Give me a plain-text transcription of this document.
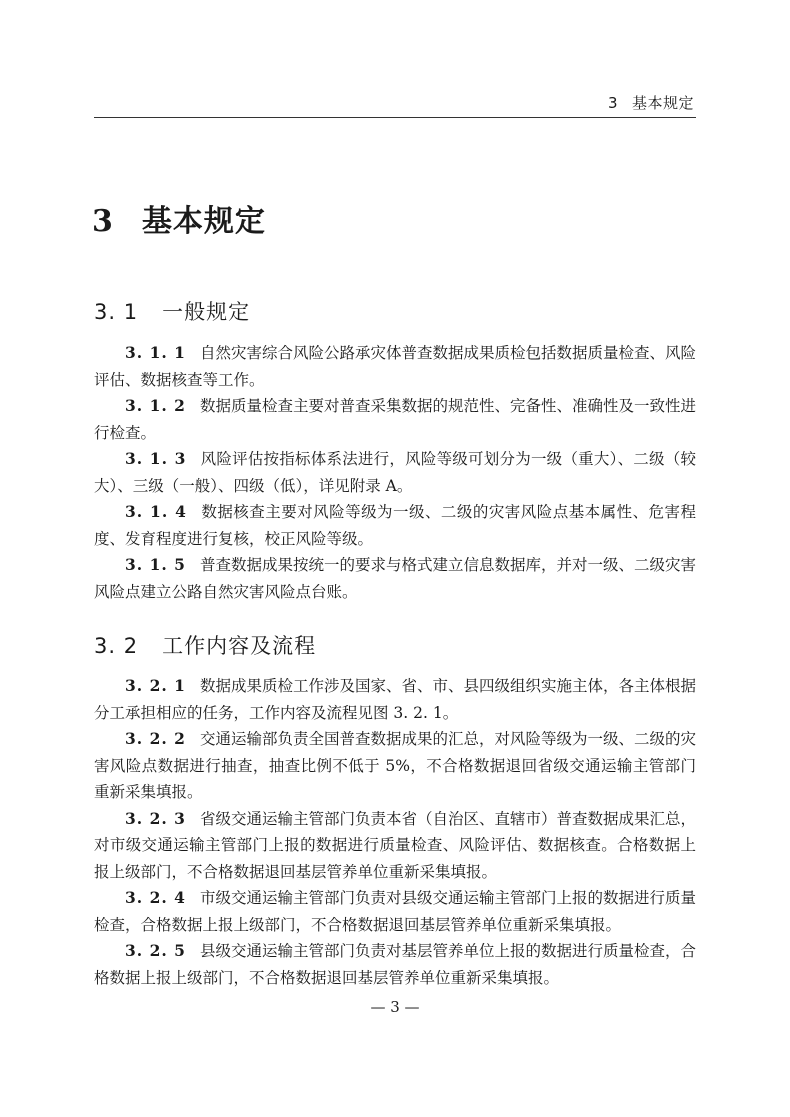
3 基本规定
3 基本规定
3. 1 一般规定

3. 1. 1 自然灾害综合风险公路承灾体普查数据成果质检包括数据质量检查、风险评估、数据核查等工作。

3. 1. 2 数据质量检查主要对普查采集数据的规范性、完备性、准确性及一致性进行检查。

3. 1. 3 风险评估按指标体系法进行，风险等级可划分为一级（重大）、二级（较大）、三级（一般）、四级（低），详见附录 A。

3. 1. 4 数据核查主要对风险等级为一级、二级的灾害风险点基本属性、危害程度、发育程度进行复核，校正风险等级。

3. 1. 5 普查数据成果按统一的要求与格式建立信息数据库，并对一级、二级灾害风险点建立公路自然灾害风险点台账。

3. 2 工作内容及流程

3. 2. 1 数据成果质检工作涉及国家、省、市、县四级组织实施主体，各主体根据分工承担相应的任务，工作内容及流程见图 3. 2. 1。

3. 2. 2 交通运输部负责全国普查数据成果的汇总，对风险等级为一级、二级的灾害风险点数据进行抽查，抽查比例不低于 5%，不合格数据退回省级交通运输主管部门重新采集填报。

3. 2. 3 省级交通运输主管部门负责本省（自治区、直辖市）普查数据成果汇总，对市级交通运输主管部门上报的数据进行质量检查、风险评估、数据核查。合格数据上报上级部门，不合格数据退回基层管养单位重新采集填报。

3. 2. 4 市级交通运输主管部门负责对县级交通运输主管部门上报的数据进行质量检查，合格数据上报上级部门，不合格数据退回基层管养单位重新采集填报。

3. 2. 5 县级交通运输主管部门负责对基层管养单位上报的数据进行质量检查，合格数据上报上级部门，不合格数据退回基层管养单位重新采集填报。

— 3 —
